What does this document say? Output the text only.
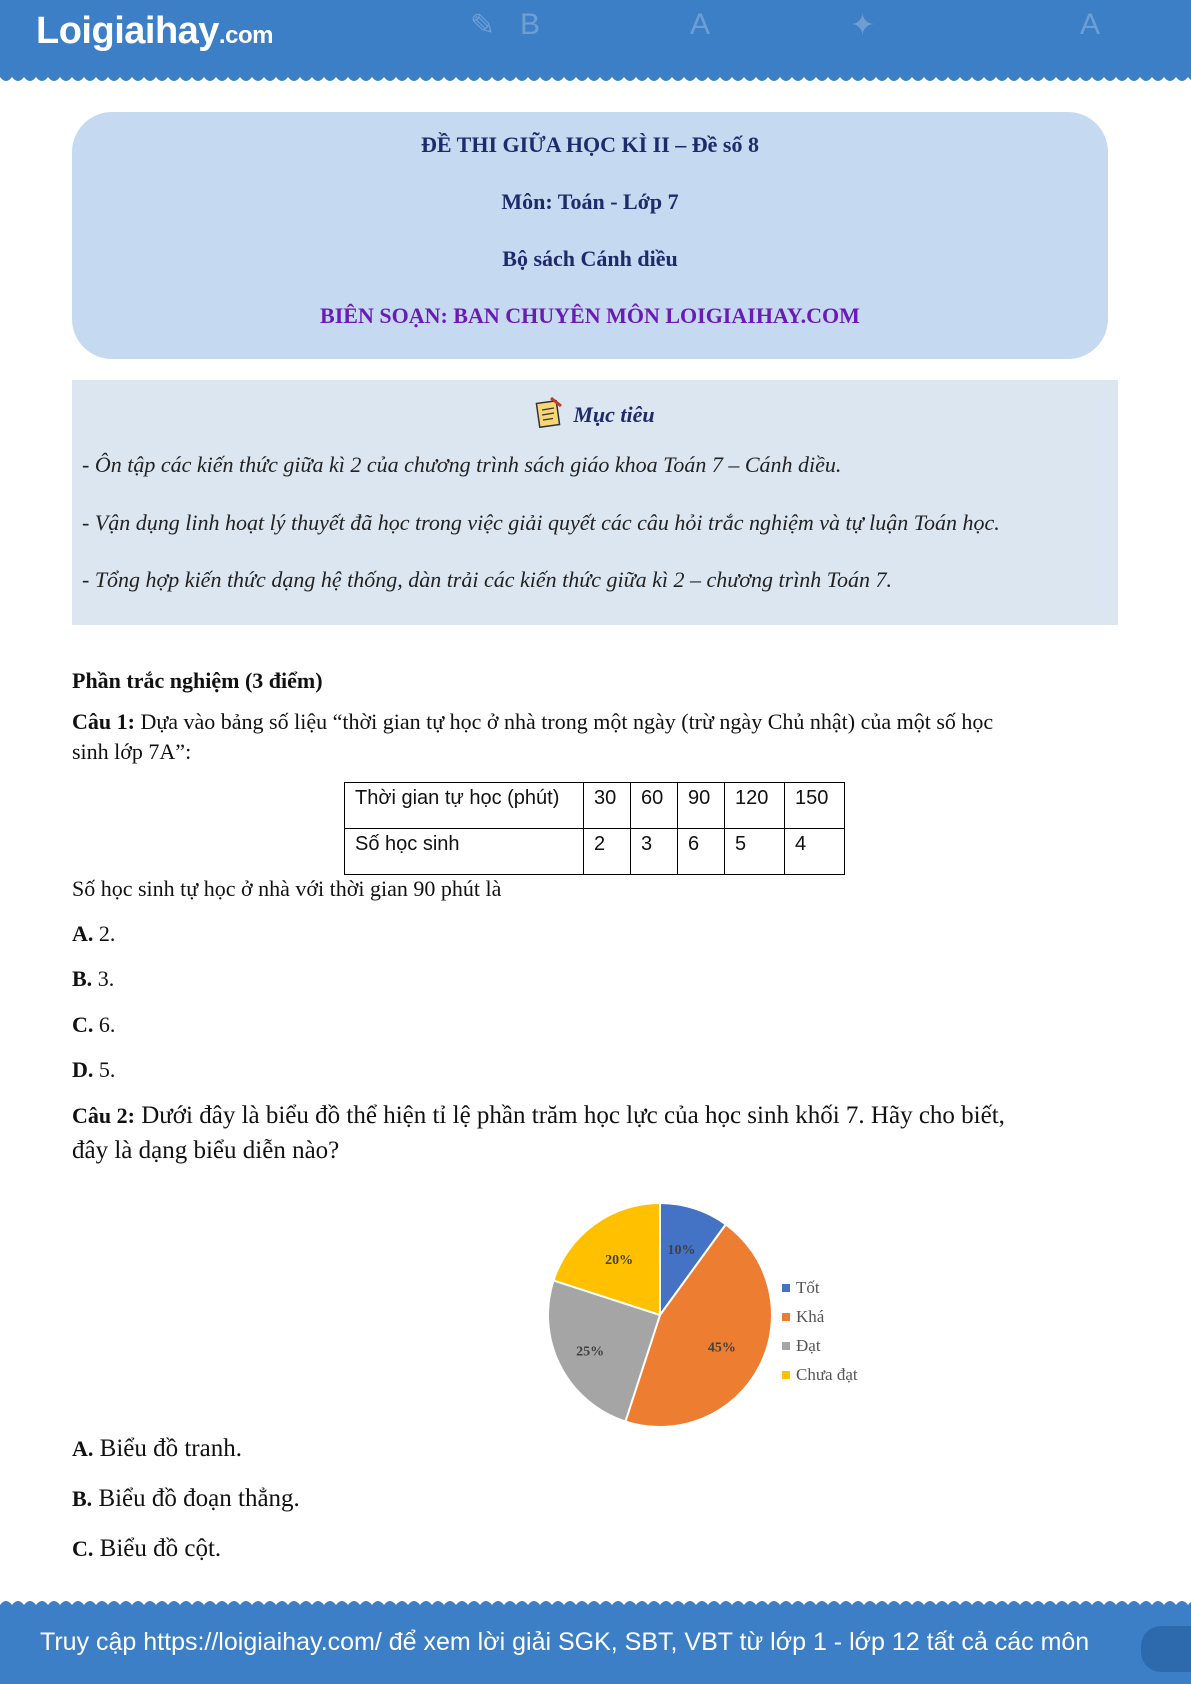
✎ B	A	✦	A
Loigiaihay.com
ĐỀ THI GIỮA HỌC KÌ II – Đề số 8
Môn: Toán - Lớp 7
Bộ sách Cánh diều
BIÊN SOẠN: BAN CHUYÊN MÔN LOIGIAIHAY.COM
Mục tiêu
- Ôn tập các kiến thức giữa kì 2 của chương trình sách giáo khoa Toán 7 – Cánh diều.
- Vận dụng linh hoạt lý thuyết đã học trong việc giải quyết các câu hỏi trắc nghiệm và tự luận Toán học.
- Tổng hợp kiến thức dạng hệ thống, dàn trải các kiến thức giữa kì 2 – chương trình Toán 7.
Phần trắc nghiệm (3 điểm)
Câu 1: Dựa vào bảng số liệu “thời gian tự học ở nhà trong một ngày (trừ ngày Chủ nhật) của một số học
sinh lớp 7A”:
Thời gian tự học (phút)	30	60	90	120	150
Số học sinh	2	3	6	5	4
Số học sinh tự học ở nhà với thời gian 90 phút là
A. 2.
B. 3.
C. 6.
D. 5.
Câu 2: Dưới đây là biểu đồ thể hiện tỉ lệ phần trăm học lực của học sinh khối 7. Hãy cho biết,
đây là dạng biểu diễn nào?
10%
45%
25%
20%
Tốt
Khá
Đạt
Chưa đạt
A. Biểu đồ tranh.
B. Biểu đồ đoạn thẳng.
C. Biểu đồ cột.
Truy cập https://loigiaihay.com/ để xem lời giải SGK, SBT, VBT từ lớp 1 - lớp 12 tất cả các môn
